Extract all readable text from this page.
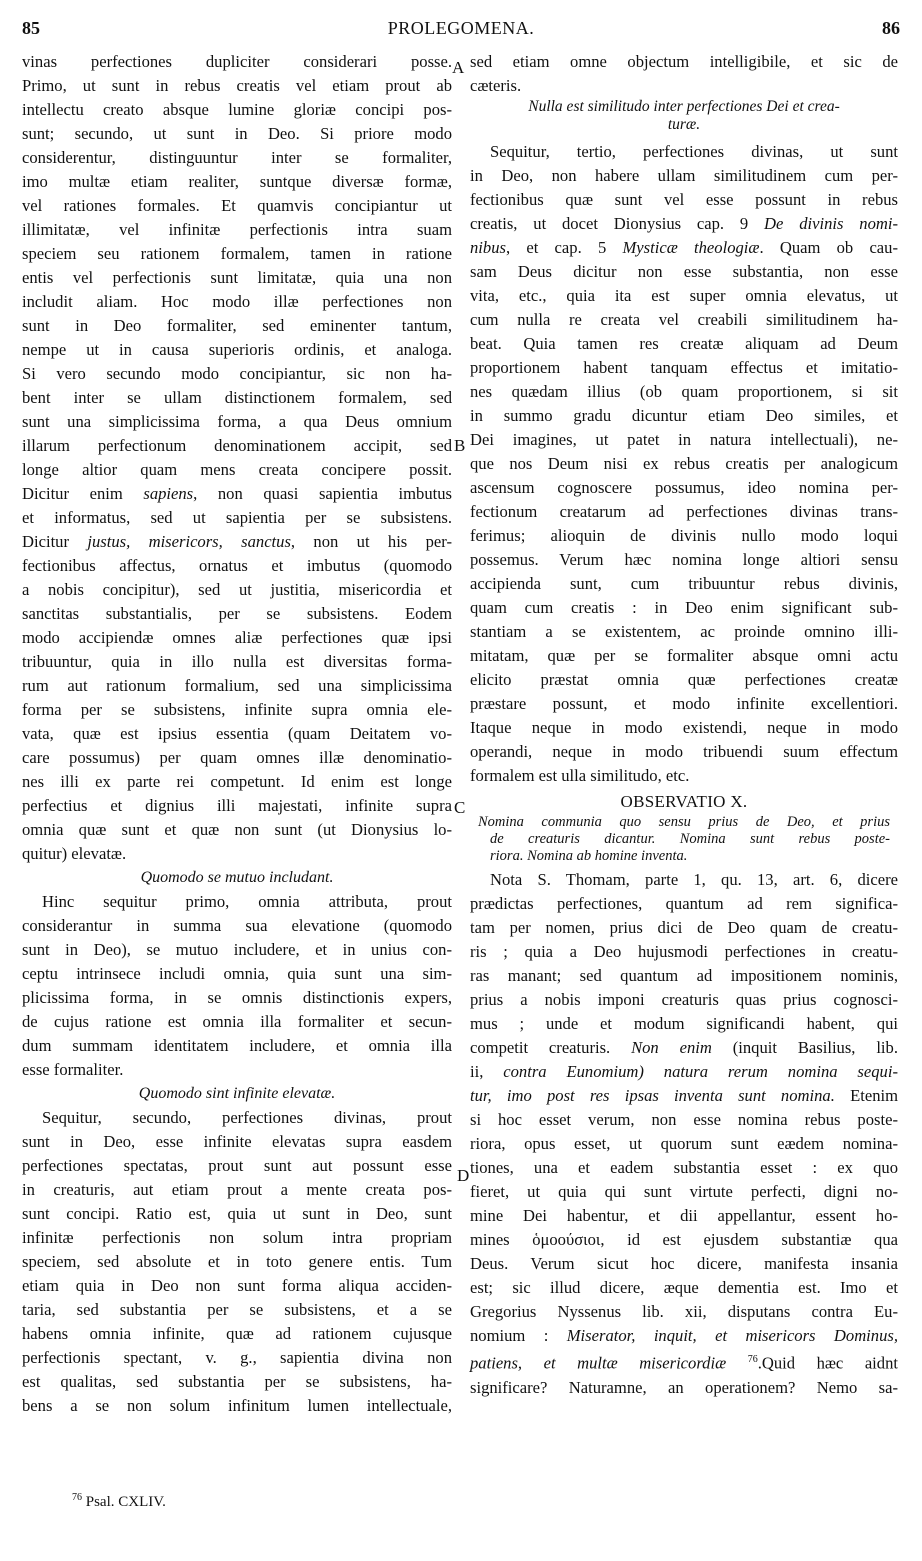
85	PROLEGOMENA.	86
A
B
C
D
vinas perfectiones dupliciter considerari posse.
Primo, ut sunt in rebus creatis vel etiam prout ab
intellectu creato absque lumine gloriæ concipi pos-
sunt; secundo, ut sunt in Deo. Si priore modo
considerentur, distinguuntur inter se formaliter,
imo multæ etiam realiter, suntque diversæ formæ,
vel rationes formales. Et quamvis concipiantur ut
illimitatæ, vel infinitæ perfectionis intra suam
speciem seu rationem formalem, tamen in ratione
entis vel perfectionis sunt limitatæ, quia una non
includit aliam. Hoc modo illæ perfectiones non
sunt in Deo formaliter, sed eminenter tantum,
nempe ut in causa superioris ordinis, et analoga.
Si vero secundo modo concipiantur, sic non ha-
bent inter se ullam distinctionem formalem, sed
sunt una simplicissima forma, a qua Deus omnium
illarum perfectionum denominationem accipit, sed
longe altior quam mens creata concipere possit.
Dicitur enim sapiens, non quasi sapientia imbutus
et informatus, sed ut sapientia per se subsistens.
Dicitur justus, misericors, sanctus, non ut his per-
fectionibus affectus, ornatus et imbutus (quomodo
a nobis concipitur), sed ut justitia, misericordia et
sanctitas substantialis, per se subsistens. Eodem
modo accipiendæ omnes aliæ perfectiones quæ ipsi
tribuuntur, quia in illo nulla est diversitas forma-
rum aut rationum formalium, sed una simplicissima
forma per se subsistens, infinite supra omnia ele-
vata, quæ est ipsius essentia (quam Deitatem vo-
care possumus) per quam omnes illæ denominatio-
nes illi ex parte rei competunt. Id enim est longe
perfectius et dignius illi majestati, infinite supra
omnia quæ sunt et quæ non sunt (ut Dionysius lo-
quitur) elevatæ.
Quomodo se mutuo includant.
Hinc sequitur primo, omnia attributa, prout
considerantur in summa sua elevatione (quomodo
sunt in Deo), se mutuo includere, et in unius con-
ceptu intrinsece includi omnia, quia sunt una sim-
plicissima forma, in se omnis distinctionis expers,
de cujus ratione est omnia illa formaliter et secun-
dum summam identitatem includere, et omnia illa
esse formaliter.
Quomodo sint infinite elevatæ.
Sequitur, secundo, perfectiones divinas, prout
sunt in Deo, esse infinite elevatas supra easdem
perfectiones spectatas, prout sunt aut possunt esse
in creaturis, aut etiam prout a mente creata pos-
sunt concipi. Ratio est, quia ut sunt in Deo, sunt
infinitæ perfectionis non solum intra propriam
speciem, sed absolute et in toto genere entis. Tum
etiam quia in Deo non sunt forma aliqua acciden-
taria, sed substantia per se subsistens, et a se
habens omnia infinite, quæ ad rationem cujusque
perfectionis spectant, v. g., sapientia divina non
est qualitas, sed substantia per se subsistens, ha-
bens a se non solum infinitum lumen intellectuale,
sed etiam omne objectum intelligibile, et sic de
cæteris.
Nulla est similitudo inter perfectiones Dei et crea-
turæ.
Sequitur, tertio, perfectiones divinas, ut sunt
in Deo, non habere ullam similitudinem cum per-
fectionibus quæ sunt vel esse possunt in rebus
creatis, ut docet Dionysius cap. 9 De divinis nomi-
nibus, et cap. 5 Mysticæ theologiæ. Quam ob cau-
sam Deus dicitur non esse substantia, non esse
vita, etc., quia ita est super omnia elevatus, ut
cum nulla re creata vel creabili similitudinem ha-
beat. Quia tamen res creatæ aliquam ad Deum
proportionem habent tanquam effectus et imitatio-
nes quædam illius (ob quam proportionem, si sit
in summo gradu dicuntur etiam Deo similes, et
Dei imagines, ut patet in natura intellectuali), ne-
que nos Deum nisi ex rebus creatis per analogicum
ascensum cognoscere possumus, ideo nomina per-
fectionum creatarum ad perfectiones divinas trans-
ferimus; alioquin de divinis nullo modo loqui
possemus. Verum hæc nomina longe altiori sensu
accipienda sunt, cum tribuuntur rebus divinis,
quam cum creatis : in Deo enim significant sub-
stantiam a se existentem, ac proinde omnino illi-
mitatam, quæ per se formaliter absque omni actu
elicito præstat omnia quæ perfectiones creatæ
præstare possunt, et modo infinite excellentiori.
Itaque neque in modo existendi, neque in modo
operandi, neque in modo tribuendi suum effectum
formalem est ulla similitudo, etc.
OBSERVATIO X.
Nomina communia quo sensu prius de Deo, et prius
de creaturis dicantur. Nomina sunt rebus poste-
riora. Nomina ab homine inventa.
Nota S. Thomam, parte 1, qu. 13, art. 6, dicere
prædictas perfectiones, quantum ad rem significa-
tam per nomen, prius dici de Deo quam de creatu-
ris ; quia a Deo hujusmodi perfectiones in creatu-
ras manant; sed quantum ad impositionem nominis,
prius a nobis imponi creaturis quas prius cognosci-
mus ; unde et modum significandi habent, qui
competit creaturis. Non enim (inquit Basilius, lib.
ii, contra Eunomium) natura rerum nomina sequi-
tur, imo post res ipsas inventa sunt nomina. Etenim
si hoc esset verum, non esse nomina rebus poste-
riora, opus esset, ut quorum sunt eædem nomina-
tiones, una et eadem substantia esset : ex quo
fieret, ut quia qui sunt virtute perfecti, digni no-
mine Dei habentur, et dii appellantur, essent ho-
mines ὁμοούσιοι, id est ejusdem substantiæ qua
Deus. Verum sicut hoc dicere, manifesta insania
est; sic illud dicere, æque dementia est. Imo et
Gregorius Nyssenus lib. xii, disputans contra Eu-
nomium : Miserator, inquit, et misericors Dominus,
patiens, et multæ misericordiæ $^{76}$.Quid hæc aidnt
significare? Naturamne, an operationem? Nemo sa-
$^{76}$ Psal. CXLIV.
